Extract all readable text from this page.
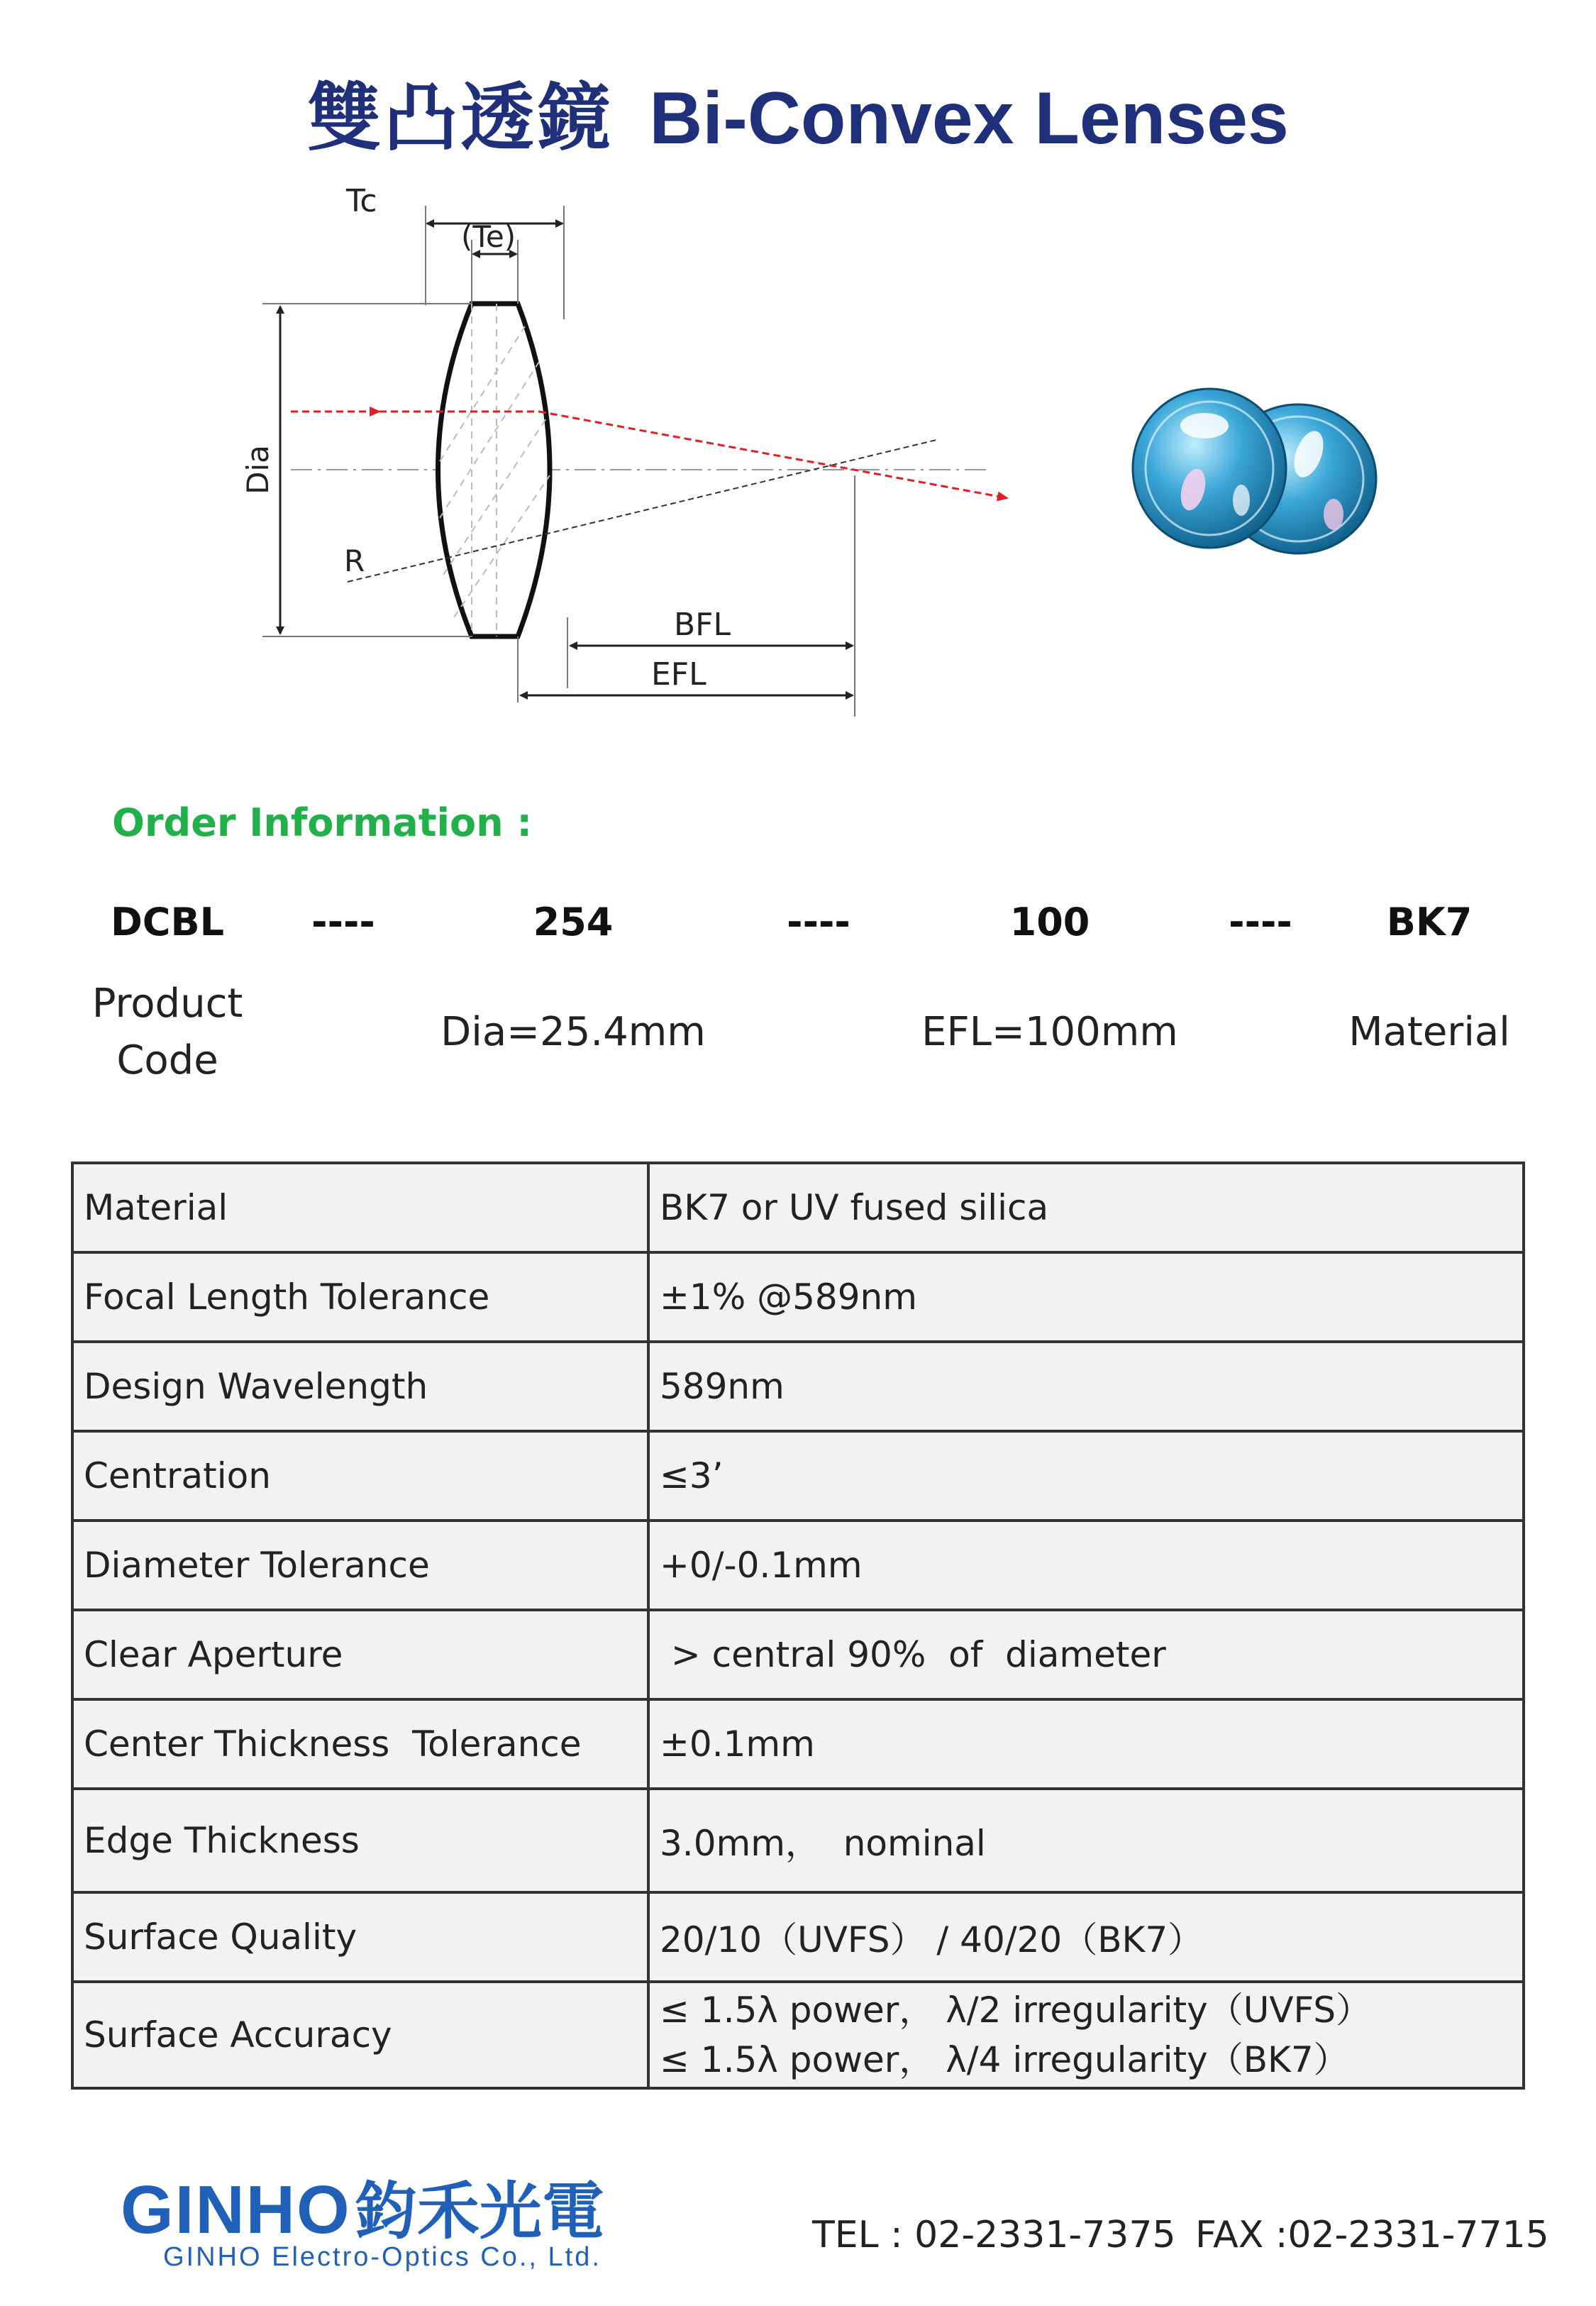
雙凸透鏡 Bi-Convex Lenses
Tc
(Te)
Dia
R
BFL
EFL
Order Information :
DCBL	----	254	----	100	----	BK7
Product
Code
Dia=25.4mm	EFL=100mm	Material
Material	BK7 or UV fused silica
Focal Length Tolerance	±1% @589nm
Design Wavelength	589nm
Centration	≤3’
Diameter Tolerance	+0/-0.1mm
Clear Aperture	> central 90%  of  diameter
Center Thickness  Tolerance	±0.1mm
Edge Thickness	3.0mm，  nominal
Surface Quality	20/10（UVFS） / 40/20（BK7）
Surface Accuracy	≤ 1.5λ power， λ/2 irregularity（UVFS）
≤ 1.5λ power， λ/4 irregularity（BK7）
GINHO 鈞禾光電
GINHO Electro-Optics Co., Ltd.
TEL : 02-2331-7375 FAX :02-2331-7715
